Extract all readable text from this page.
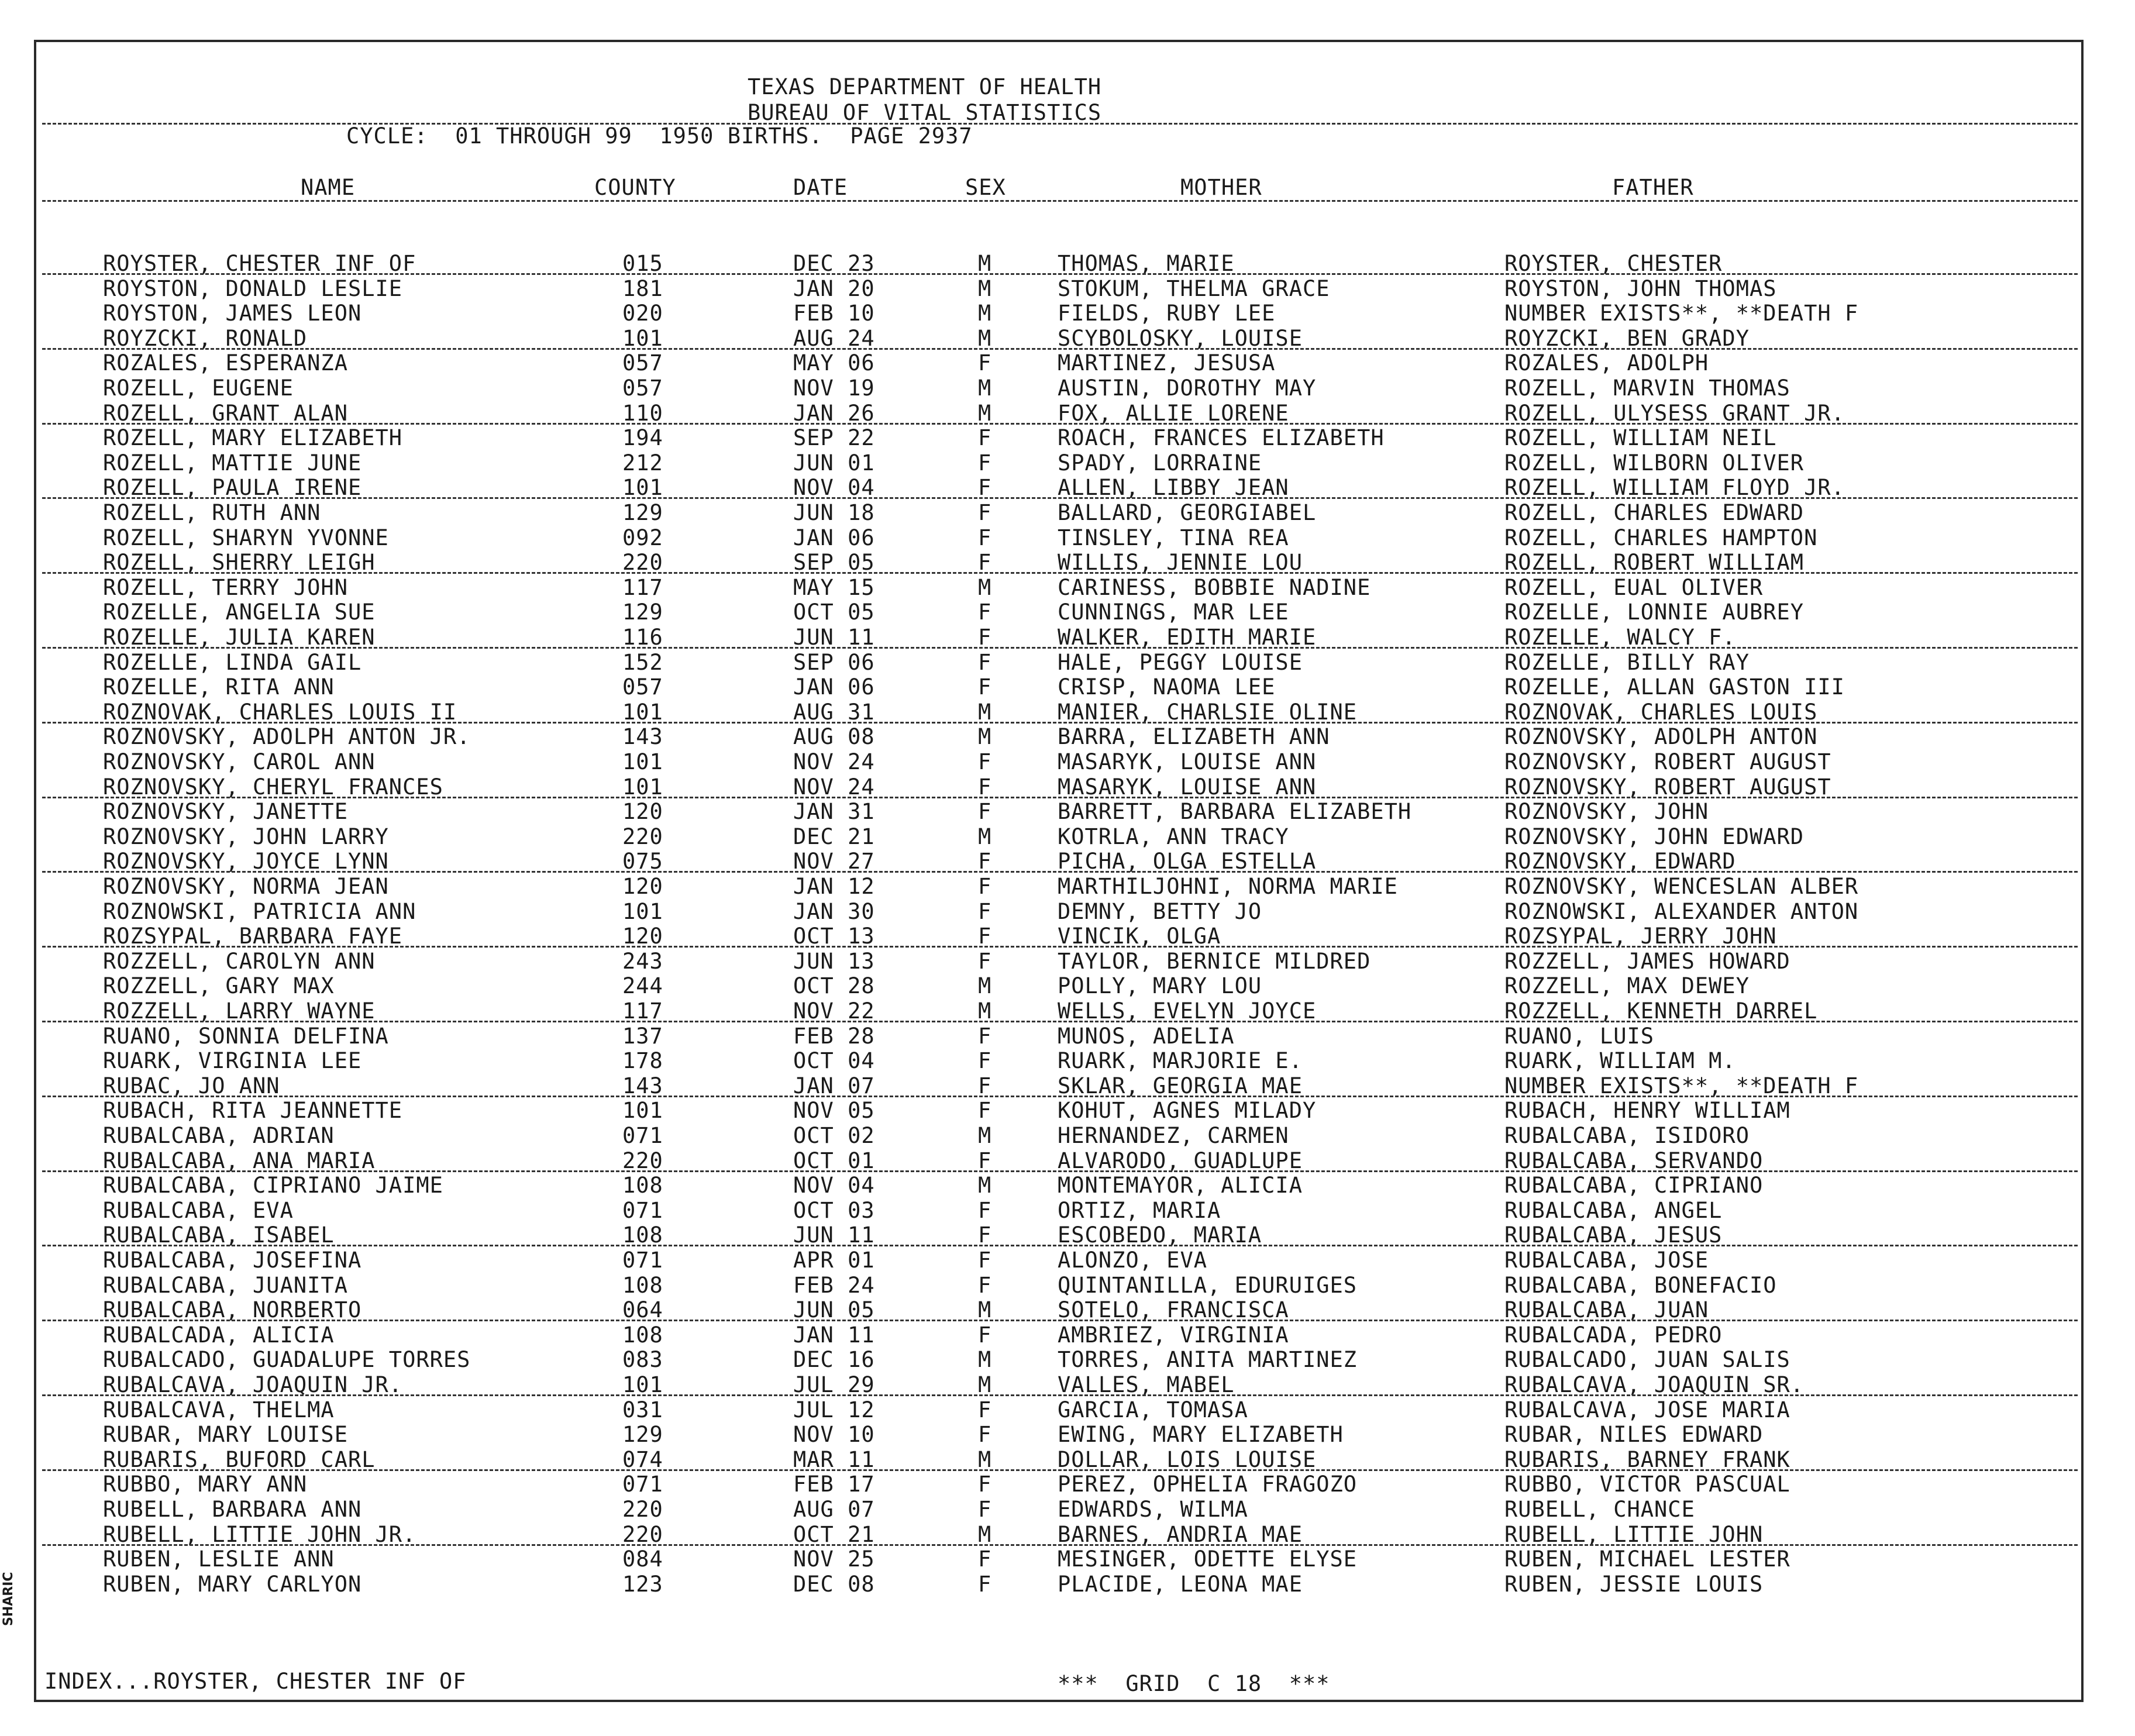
TEXAS DEPARTMENT OF HEALTH
BUREAU OF VITAL STATISTICS
CYCLE:  01 THROUGH 99  1950 BIRTHS.  PAGE 2937
NAME	COUNTY	DATE	SEX	MOTHER	FATHER
ROYSTER, CHESTER INF OF	015	DEC 23	M	THOMAS, MARIE	ROYSTER, CHESTER
ROYSTON, DONALD LESLIE	181	JAN 20	M	STOKUM, THELMA GRACE	ROYSTON, JOHN THOMAS
ROYSTON, JAMES LEON	020	FEB 10	M	FIELDS, RUBY LEE	NUMBER EXISTS**, **DEATH F
ROYZCKI, RONALD	101	AUG 24	M	SCYBOLOSKY, LOUISE	ROYZCKI, BEN GRADY
ROZALES, ESPERANZA	057	MAY 06	F	MARTINEZ, JESUSA	ROZALES, ADOLPH
ROZELL, EUGENE	057	NOV 19	M	AUSTIN, DOROTHY MAY	ROZELL, MARVIN THOMAS
ROZELL, GRANT ALAN	110	JAN 26	M	FOX, ALLIE LORENE	ROZELL, ULYSESS GRANT JR.
ROZELL, MARY ELIZABETH	194	SEP 22	F	ROACH, FRANCES ELIZABETH	ROZELL, WILLIAM NEIL
ROZELL, MATTIE JUNE	212	JUN 01	F	SPADY, LORRAINE	ROZELL, WILBORN OLIVER
ROZELL, PAULA IRENE	101	NOV 04	F	ALLEN, LIBBY JEAN	ROZELL, WILLIAM FLOYD JR.
ROZELL, RUTH ANN	129	JUN 18	F	BALLARD, GEORGIABEL	ROZELL, CHARLES EDWARD
ROZELL, SHARYN YVONNE	092	JAN 06	F	TINSLEY, TINA REA	ROZELL, CHARLES HAMPTON
ROZELL, SHERRY LEIGH	220	SEP 05	F	WILLIS, JENNIE LOU	ROZELL, ROBERT WILLIAM
ROZELL, TERRY JOHN	117	MAY 15	M	CARINESS, BOBBIE NADINE	ROZELL, EUAL OLIVER
ROZELLE, ANGELIA SUE	129	OCT 05	F	CUNNINGS, MAR LEE	ROZELLE, LONNIE AUBREY
ROZELLE, JULIA KAREN	116	JUN 11	F	WALKER, EDITH MARIE	ROZELLE, WALCY F.
ROZELLE, LINDA GAIL	152	SEP 06	F	HALE, PEGGY LOUISE	ROZELLE, BILLY RAY
ROZELLE, RITA ANN	057	JAN 06	F	CRISP, NAOMA LEE	ROZELLE, ALLAN GASTON III
ROZNOVAK, CHARLES LOUIS II	101	AUG 31	M	MANIER, CHARLSIE OLINE	ROZNOVAK, CHARLES LOUIS
ROZNOVSKY, ADOLPH ANTON JR.	143	AUG 08	M	BARRA, ELIZABETH ANN	ROZNOVSKY, ADOLPH ANTON
ROZNOVSKY, CAROL ANN	101	NOV 24	F	MASARYK, LOUISE ANN	ROZNOVSKY, ROBERT AUGUST
ROZNOVSKY, CHERYL FRANCES	101	NOV 24	F	MASARYK, LOUISE ANN	ROZNOVSKY, ROBERT AUGUST
ROZNOVSKY, JANETTE	120	JAN 31	F	BARRETT, BARBARA ELIZABETH	ROZNOVSKY, JOHN
ROZNOVSKY, JOHN LARRY	220	DEC 21	M	KOTRLA, ANN TRACY	ROZNOVSKY, JOHN EDWARD
ROZNOVSKY, JOYCE LYNN	075	NOV 27	F	PICHA, OLGA ESTELLA	ROZNOVSKY, EDWARD
ROZNOVSKY, NORMA JEAN	120	JAN 12	F	MARTHILJOHNI, NORMA MARIE	ROZNOVSKY, WENCESLAN ALBER
ROZNOWSKI, PATRICIA ANN	101	JAN 30	F	DEMNY, BETTY JO	ROZNOWSKI, ALEXANDER ANTON
ROZSYPAL, BARBARA FAYE	120	OCT 13	F	VINCIK, OLGA	ROZSYPAL, JERRY JOHN
ROZZELL, CAROLYN ANN	243	JUN 13	F	TAYLOR, BERNICE MILDRED	ROZZELL, JAMES HOWARD
ROZZELL, GARY MAX	244	OCT 28	M	POLLY, MARY LOU	ROZZELL, MAX DEWEY
ROZZELL, LARRY WAYNE	117	NOV 22	M	WELLS, EVELYN JOYCE	ROZZELL, KENNETH DARREL
RUANO, SONNIA DELFINA	137	FEB 28	F	MUNOS, ADELIA	RUANO, LUIS
RUARK, VIRGINIA LEE	178	OCT 04	F	RUARK, MARJORIE E.	RUARK, WILLIAM M.
RUBAC, JO ANN	143	JAN 07	F	SKLAR, GEORGIA MAE	NUMBER EXISTS**, **DEATH F
RUBACH, RITA JEANNETTE	101	NOV 05	F	KOHUT, AGNES MILADY	RUBACH, HENRY WILLIAM
RUBALCABA, ADRIAN	071	OCT 02	M	HERNANDEZ, CARMEN	RUBALCABA, ISIDORO
RUBALCABA, ANA MARIA	220	OCT 01	F	ALVARODO, GUADLUPE	RUBALCABA, SERVANDO
RUBALCABA, CIPRIANO JAIME	108	NOV 04	M	MONTEMAYOR, ALICIA	RUBALCABA, CIPRIANO
RUBALCABA, EVA	071	OCT 03	F	ORTIZ, MARIA	RUBALCABA, ANGEL
RUBALCABA, ISABEL	108	JUN 11	F	ESCOBEDO, MARIA	RUBALCABA, JESUS
RUBALCABA, JOSEFINA	071	APR 01	F	ALONZO, EVA	RUBALCABA, JOSE
RUBALCABA, JUANITA	108	FEB 24	F	QUINTANILLA, EDURUIGES	RUBALCABA, BONEFACIO
RUBALCABA, NORBERTO	064	JUN 05	M	SOTELO, FRANCISCA	RUBALCABA, JUAN
RUBALCADA, ALICIA	108	JAN 11	F	AMBRIEZ, VIRGINIA	RUBALCADA, PEDRO
RUBALCADO, GUADALUPE TORRES	083	DEC 16	M	TORRES, ANITA MARTINEZ	RUBALCADO, JUAN SALIS
RUBALCAVA, JOAQUIN JR.	101	JUL 29	M	VALLES, MABEL	RUBALCAVA, JOAQUIN SR.
RUBALCAVA, THELMA	031	JUL 12	F	GARCIA, TOMASA	RUBALCAVA, JOSE MARIA
RUBAR, MARY LOUISE	129	NOV 10	F	EWING, MARY ELIZABETH	RUBAR, NILES EDWARD
RUBARIS, BUFORD CARL	074	MAR 11	M	DOLLAR, LOIS LOUISE	RUBARIS, BARNEY FRANK
RUBBO, MARY ANN	071	FEB 17	F	PEREZ, OPHELIA FRAGOZO	RUBBO, VICTOR PASCUAL
RUBELL, BARBARA ANN	220	AUG 07	F	EDWARDS, WILMA	RUBELL, CHANCE
RUBELL, LITTIE JOHN JR.	220	OCT 21	M	BARNES, ANDRIA MAE	RUBELL, LITTIE JOHN
RUBEN, LESLIE ANN	084	NOV 25	F	MESINGER, ODETTE ELYSE	RUBEN, MICHAEL LESTER
RUBEN, MARY CARLYON	123	DEC 08	F	PLACIDE, LEONA MAE	RUBEN, JESSIE LOUIS
INDEX...ROYSTER, CHESTER INF OF	***  GRID  C 18  ***
SHARIC
